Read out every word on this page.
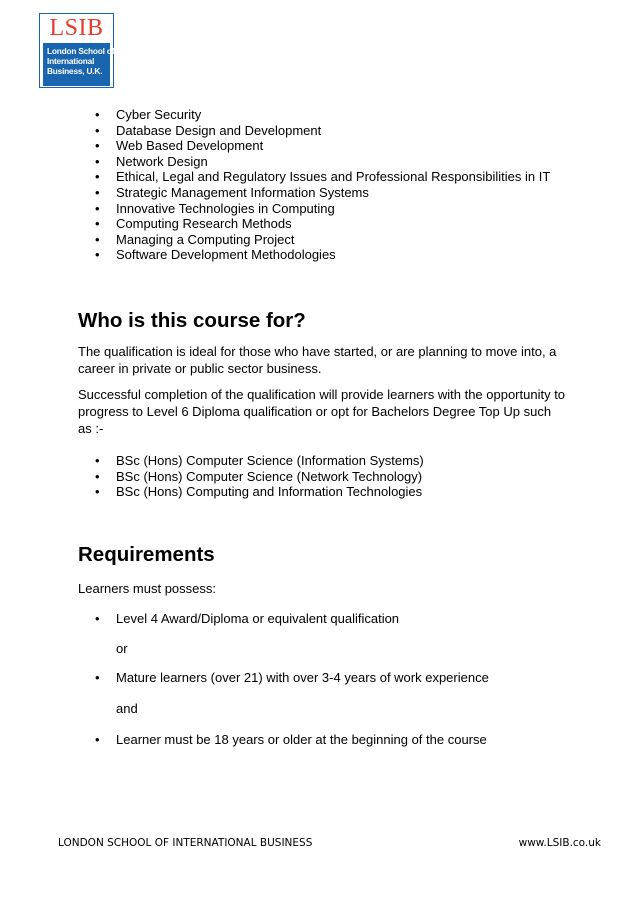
LSIB
London School of
International
Business, U.K.
• Cyber Security
• Database Design and Development
• Web Based Development
• Network Design
• Ethical, Legal and Regulatory Issues and Professional Responsibilities in IT
• Strategic Management Information Systems
• Innovative Technologies in Computing
• Computing Research Methods
• Managing a Computing Project
• Software Development Methodologies
Who is this course for?

The qualification is ideal for those who have started, or are planning to move into, a career in private or public sector business.

Successful completion of the qualification will provide learners with the opportunity to progress to Level 6 Diploma qualification or opt for Bachelors Degree Top Up such as :-

• BSc (Hons) Computer Science (Information Systems)
• BSc (Hons) Computer Science (Network Technology)
• BSc (Hons) Computing and Information Technologies
Requirements

Learners must possess:

• Level 4 Award/Diploma or equivalent qualification
or
• Mature learners (over 21) with over 3-4 years of work experience
and
• Learner must be 18 years or older at the beginning of the course
LONDON SCHOOL OF INTERNATIONAL BUSINESS	www.LSIB.co.uk
